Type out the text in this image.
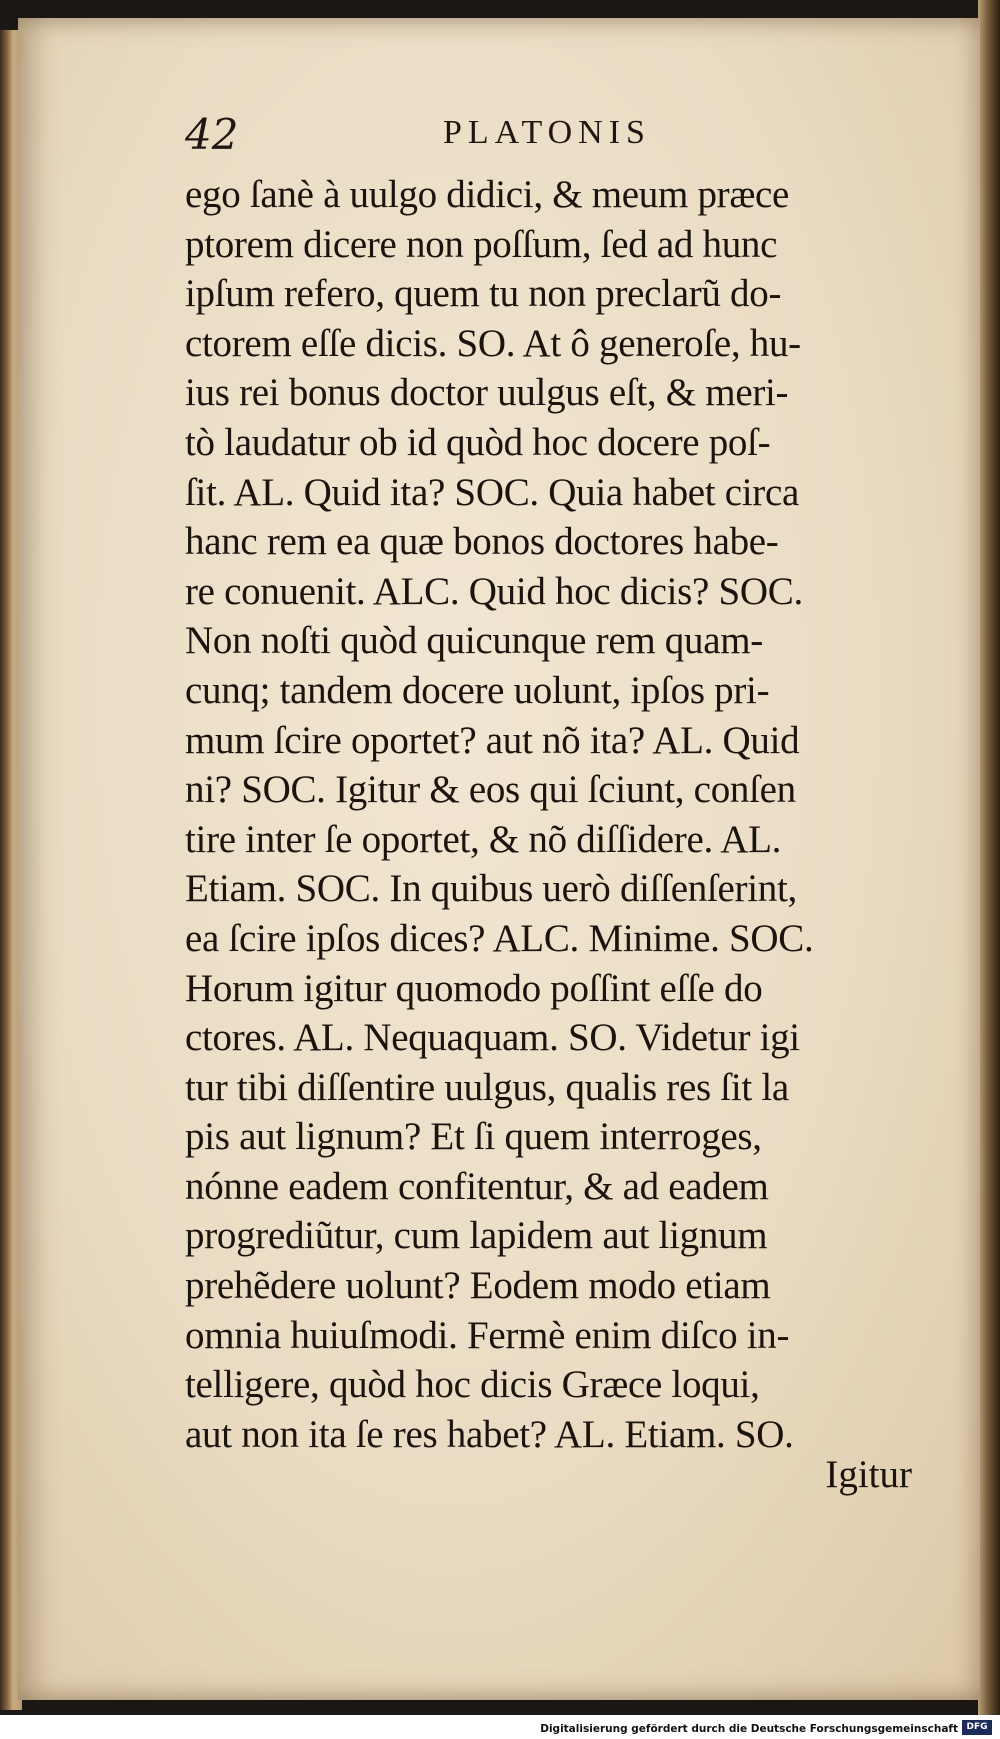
42	PLATONIS
ego ſanè à uulgo didici, & meum præce
ptorem dicere non poſſum, ſed ad hunc
ipſum refero, quem tu non preclarũ do-
ctorem eſſe dicis. SO. At ô generoſe, hu-
ius rei bonus doctor uulgus eſt, & meri-
tò laudatur ob id quòd hoc docere poſ-
ſit. AL. Quid ita? SOC. Quia habet circa
hanc rem ea quæ bonos doctores habe-
re conuenit. ALC. Quid hoc dicis? SOC.
Non noſti quòd quicunque rem quam-
cunq; tandem docere uolunt, ipſos pri-
mum ſcire oportet? aut nõ ita? AL. Quid
ni? SOC. Igitur & eos qui ſciunt, conſen
tire inter ſe oportet, & nõ diſſidere. AL.
Etiam. SOC. In quibus uerò diſſenſerint,
ea ſcire ipſos dices? ALC. Minime. SOC.
Horum igitur quomodo poſſint eſſe do
ctores. AL. Nequaquam. SO. Videtur igi
tur tibi diſſentire uulgus, qualis res ſit la
pis aut lignum? Et ſi quem interroges,
nónne eadem confitentur, & ad eadem
progrediũtur, cum lapidem aut lignum
prehẽdere uolunt? Eodem modo etiam
omnia huiuſmodi. Fermè enim diſco in-
telligere, quòd hoc dicis Græce loqui,
aut non ita ſe res habet? AL. Etiam. SO.
Igitur
Digitalisierung gefördert durch die Deutsche Forschungsgemeinschaft DFG
